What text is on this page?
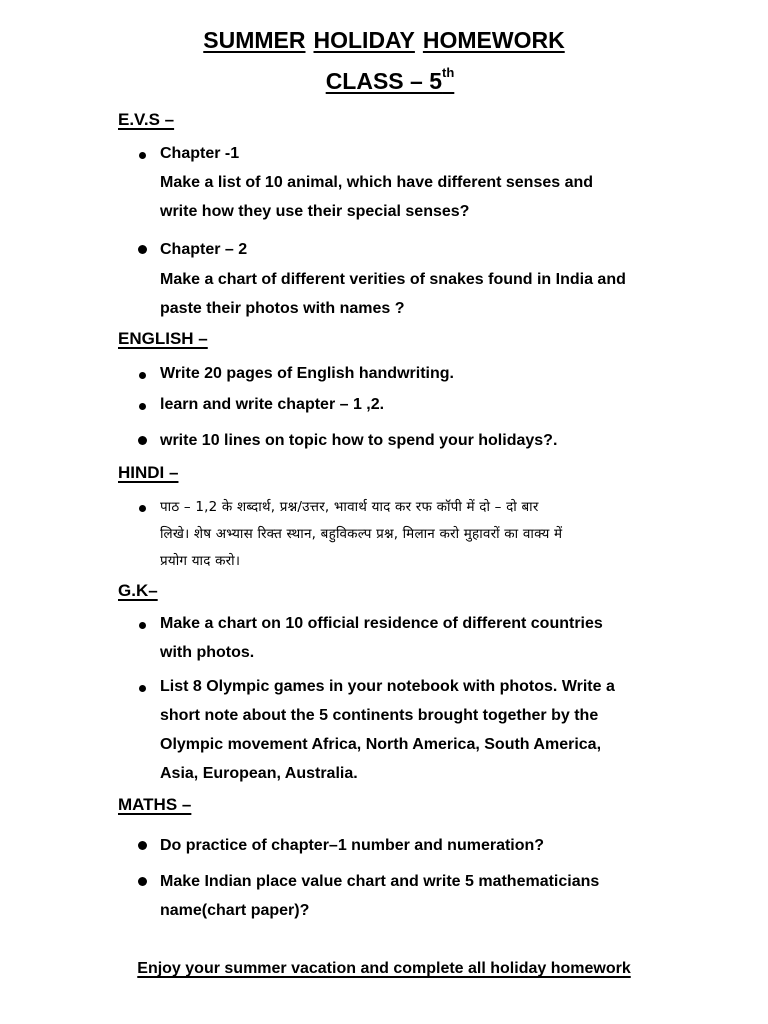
SUMMER HOLIDAY HOMEWORK
CLASS – 5th
E.V.S –
Chapter -1
Make a list of 10 animal, which have different senses and
write how they use their special senses?
Chapter – 2
Make a chart of different verities of snakes found in India and
paste their photos with names ?
ENGLISH –
Write 20 pages of English handwriting.
learn and write chapter – 1 ,2.
write 10 lines on topic how to spend your holidays?.
HINDI –
पाठ – 1,2 के शब्दार्थ, प्रश्न/उत्तर, भावार्थ याद कर रफ कॉपी में दो – दो बार
लिखे। शेष अभ्यास रिक्त स्थान, बहुविकल्प प्रश्न, मिलान करो मुहावरों का वाक्य में
प्रयोग याद करो।
G.K–
Make a chart on 10 official residence of different countries
with photos.
List 8 Olympic games in your notebook with photos. Write a
short note about the 5 continents brought together by the
Olympic movement Africa, North America, South America,
Asia, European, Australia.
MATHS –
Do practice of chapter–1 number and numeration?
Make Indian place value chart and write 5 mathematicians
name(chart paper)?
Enjoy your summer vacation and complete all holiday homework
